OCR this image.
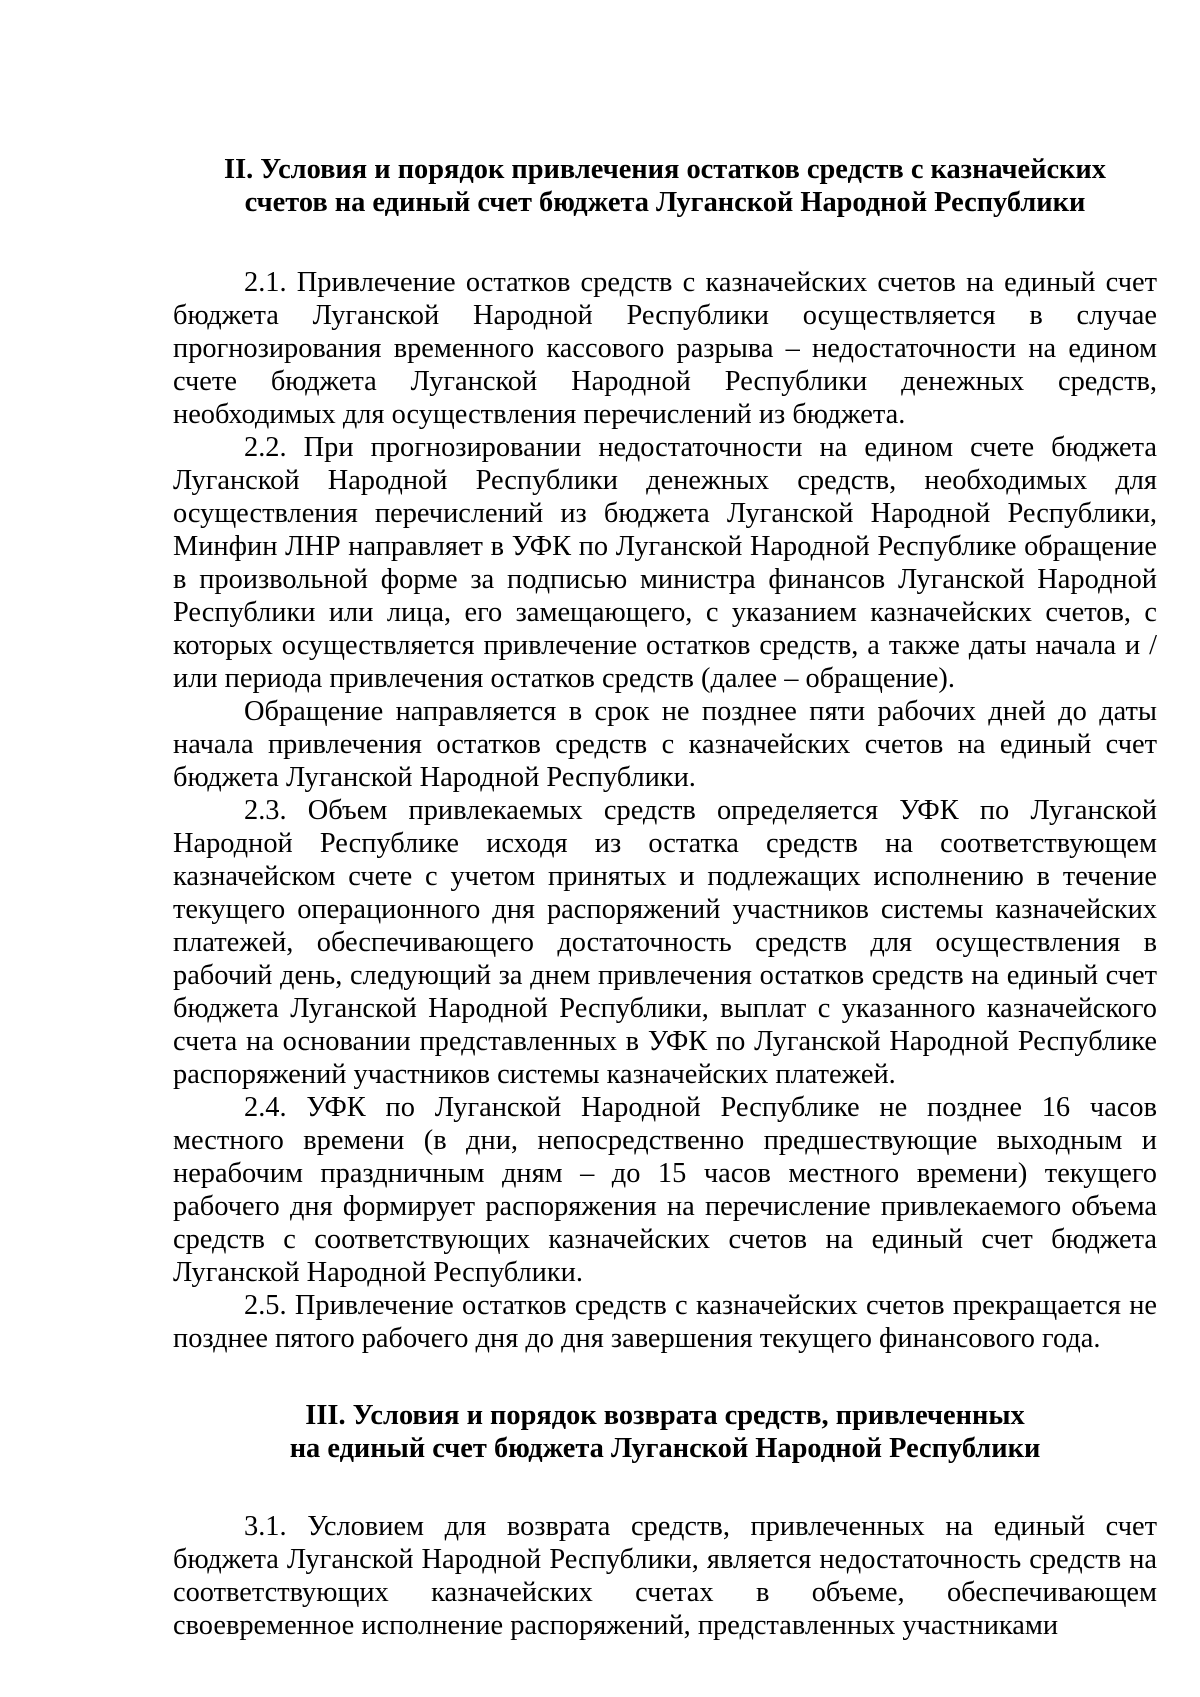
II. Условия и порядок привлечения остатков средств с казначейских
счетов на единый счет бюджета Луганской Народной Республики

2.1. Привлечение остатков средств с казначейских счетов на единый счет бюджета Луганской Народной Республики осуществляется в случае прогнозирования временного кассового разрыва – недостаточности на едином счете бюджета Луганской Народной Республики денежных средств, необходимых для осуществления перечислений из бюджета.

2.2. При прогнозировании недостаточности на едином счете бюджета Луганской Народной Республики денежных средств, необходимых для осуществления перечислений из бюджета Луганской Народной Республики, Минфин ЛНР направляет в УФК по Луганской Народной Республике обращение в произвольной форме за подписью министра финансов Луганской Народной Республики или лица, его замещающего, с указанием казначейских счетов, с которых осуществляется привлечение остатков средств, а также даты начала и / или периода привлечения остатков средств (далее – обращение).

Обращение направляется в срок не позднее пяти рабочих дней до даты начала привлечения остатков средств с казначейских счетов на единый счет бюджета Луганской Народной Республики.

2.3. Объем привлекаемых средств определяется УФК по Луганской Народной Республике исходя из остатка средств на соответствующем казначейском счете с учетом принятых и подлежащих исполнению в течение текущего операционного дня распоряжений участников системы казначейских платежей, обеспечивающего достаточность средств для осуществления в рабочий день, следующий за днем привлечения остатков средств на единый счет бюджета Луганской Народной Республики, выплат с указанного казначейского счета на основании представленных в УФК по Луганской Народной Республике распоряжений участников системы казначейских платежей.

2.4. УФК по Луганской Народной Республике не позднее 16 часов местного времени (в дни, непосредственно предшествующие выходным и нерабочим праздничным дням – до 15 часов местного времени) текущего рабочего дня формирует распоряжения на перечисление привлекаемого объема средств с соответствующих казначейских счетов на единый счет бюджета Луганской Народной Республики.

2.5. Привлечение остатков средств с казначейских счетов прекращается не позднее пятого рабочего дня до дня завершения текущего финансового года.

III. Условия и порядок возврата средств, привлеченных
на единый счет бюджета Луганской Народной Республики

3.1. Условием для возврата средств, привлеченных на единый счет бюджета Луганской Народной Республики, является недостаточность средств на соответствующих казначейских счетах в объеме, обеспечивающем своевременное исполнение распоряжений, представленных участниками
